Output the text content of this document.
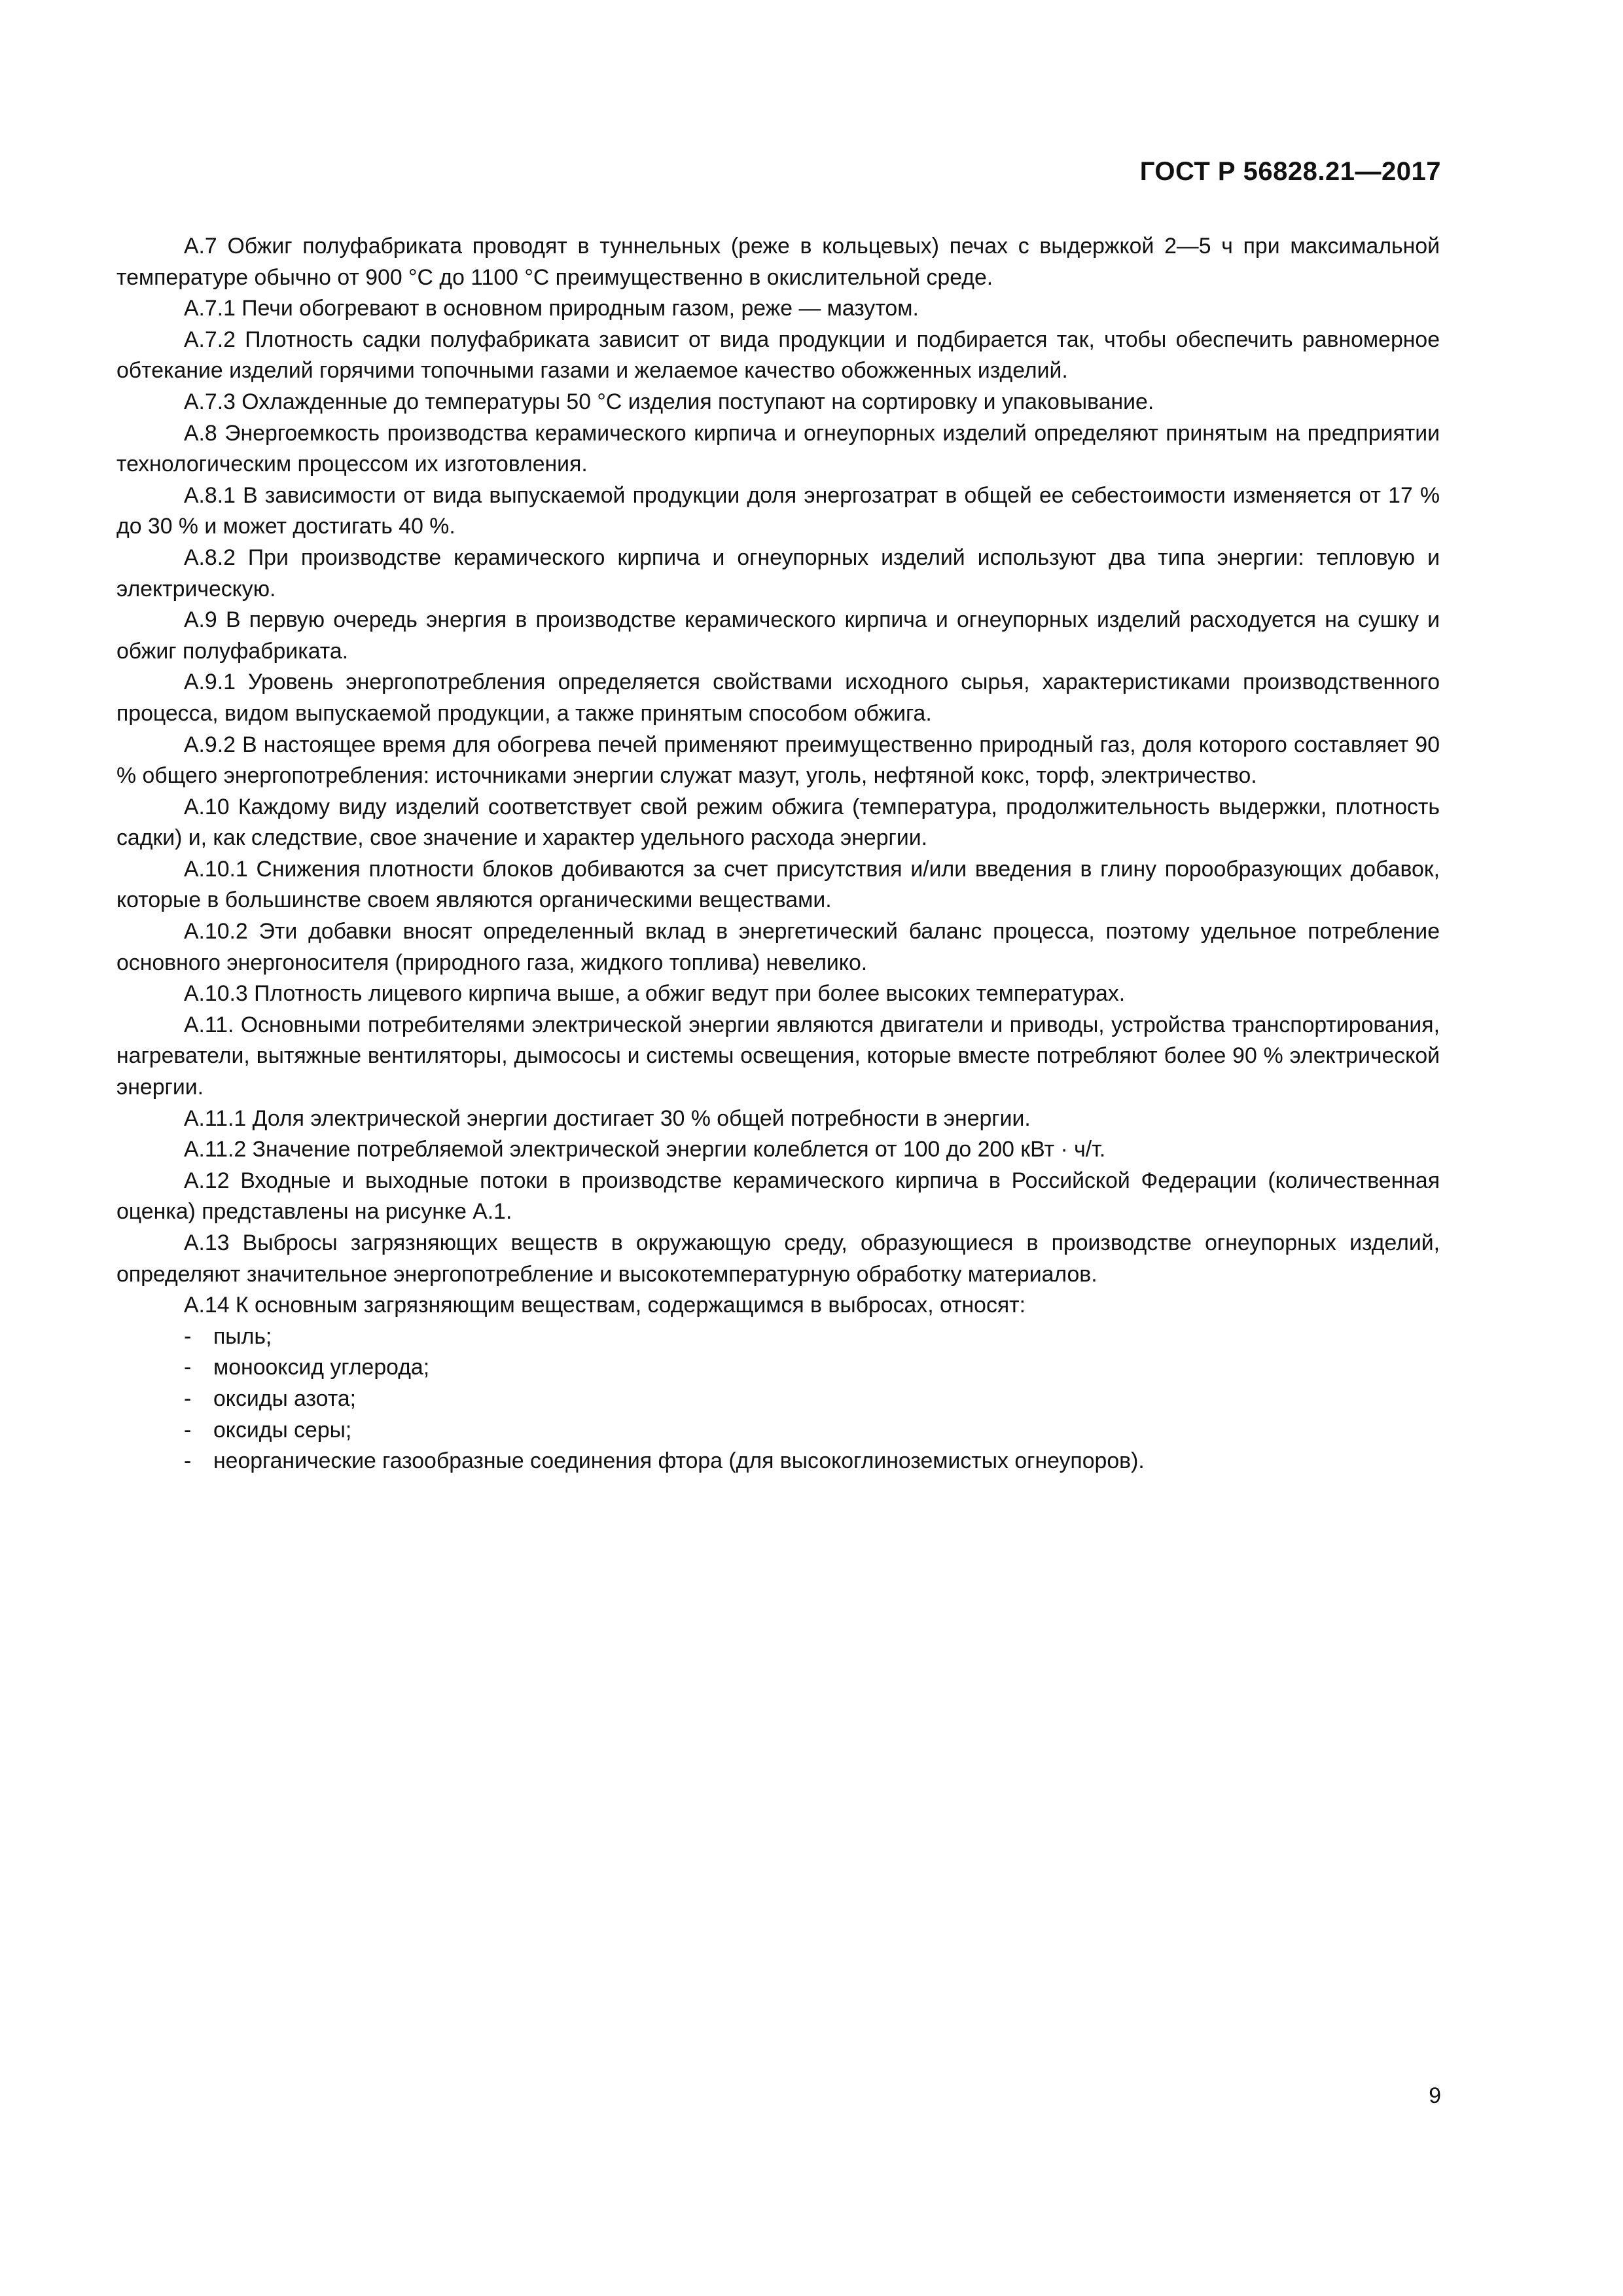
ГОСТ Р 56828.21—2017

А.7 Обжиг полуфабриката проводят в туннельных (реже в кольцевых) печах с выдержкой 2—5 ч при максимальной температуре обычно от 900 °С до 1100 °С преимущественно в окислительной среде.

А.7.1 Печи обогревают в основном природным газом, реже — мазутом.

А.7.2 Плотность садки полуфабриката зависит от вида продукции и подбирается так, чтобы обеспечить равномерное обтекание изделий горячими топочными газами и желаемое качество обожженных изделий.

А.7.3 Охлажденные до температуры 50 °С изделия поступают на сортировку и упаковывание.

А.8 Энергоемкость производства керамического кирпича и огнеупорных изделий определяют принятым на предприятии технологическим процессом их изготовления.

А.8.1 В зависимости от вида выпускаемой продукции доля энергозатрат в общей ее себестоимости изменяется от 17 % до 30 % и может достигать 40 %.

А.8.2 При производстве керамического кирпича и огнеупорных изделий используют два типа энергии: тепловую и электрическую.

А.9 В первую очередь энергия в производстве керамического кирпича и огнеупорных изделий расходуется на сушку и обжиг полуфабриката.

А.9.1 Уровень энергопотребления определяется свойствами исходного сырья, характеристиками производственного процесса, видом выпускаемой продукции, а также принятым способом обжига.

А.9.2 В настоящее время для обогрева печей применяют преимущественно природный газ, доля которого составляет 90 % общего энергопотребления: источниками энергии служат мазут, уголь, нефтяной кокс, торф, электричество.

А.10 Каждому виду изделий соответствует свой режим обжига (температура, продолжительность выдержки, плотность садки) и, как следствие, свое значение и характер удельного расхода энергии.

А.10.1 Снижения плотности блоков добиваются за счет присутствия и/или введения в глину порообразующих добавок, которые в большинстве своем являются органическими веществами.

А.10.2 Эти добавки вносят определенный вклад в энергетический баланс процесса, поэтому удельное потребление основного энергоносителя (природного газа, жидкого топлива) невелико.

А.10.3 Плотность лицевого кирпича выше, а обжиг ведут при более высоких температурах.

А.11. Основными потребителями электрической энергии являются двигатели и приводы, устройства транспортирования, нагреватели, вытяжные вентиляторы, дымососы и системы освещения, которые вместе потребляют более 90 % электрической энергии.

А.11.1 Доля электрической энергии достигает 30 % общей потребности в энергии.

А.11.2 Значение потребляемой электрической энергии колеблется от 100 до 200 кВт · ч/т.

А.12 Входные и выходные потоки в производстве керамического кирпича в Российской Федерации (количественная оценка) представлены на рисунке А.1.

А.13 Выбросы загрязняющих веществ в окружающую среду, образующиеся в производстве огнеупорных изделий, определяют значительное энергопотребление и высокотемпературную обработку материалов.

А.14 К основным загрязняющим веществам, содержащимся в выбросах, относят:

- пыль;
- монооксид углерода;
- оксиды азота;
- оксиды серы;
- неорганические газообразные соединения фтора (для высокоглиноземистых огнеупоров).
9
